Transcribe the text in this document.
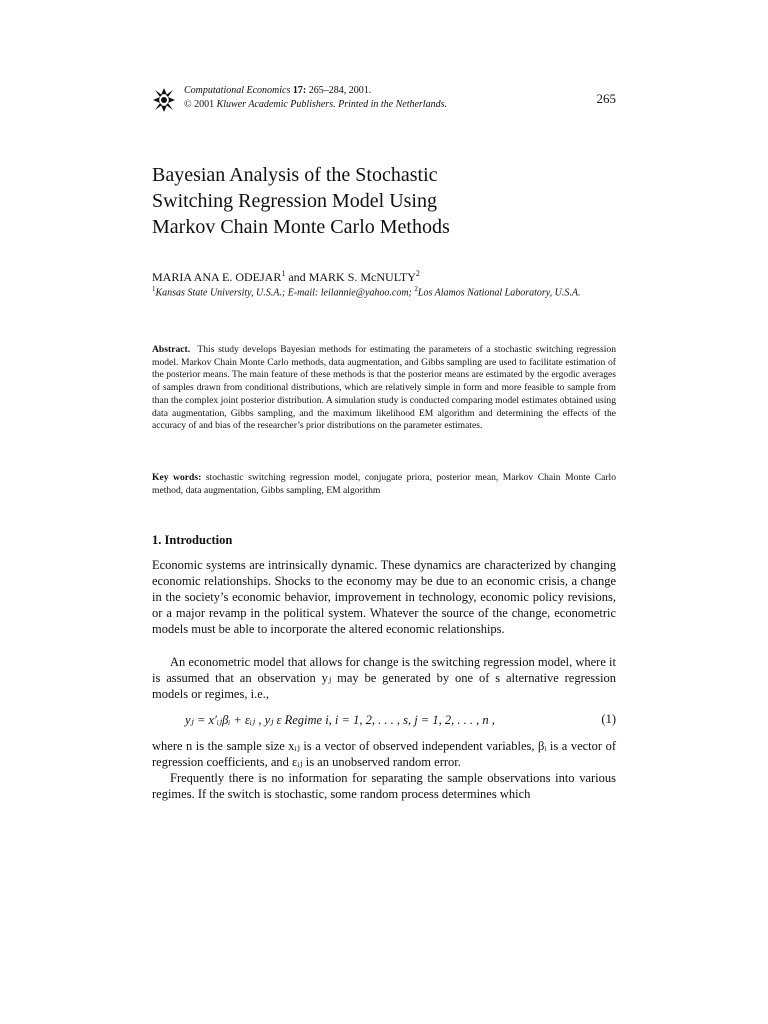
Computational Economics 17: 265–284, 2001.
© 2001 Kluwer Academic Publishers. Printed in the Netherlands.	265
Bayesian Analysis of the Stochastic
Switching Regression Model Using
Markov Chain Monte Carlo Methods
MARIA ANA E. ODEJAR$^1$ and MARK S. McNULTY$^2$
$^1$Kansas State University, U.S.A.; E-mail: leilannie@yahoo.com; $^2$Los Alamos National Laboratory, U.S.A.

Abstract. This study develops Bayesian methods for estimating the parameters of a stochastic switching regression model. Markov Chain Monte Carlo methods, data augmentation, and Gibbs sampling are used to facilitate estimation of the posterior means. The main feature of these methods is that the posterior means are estimated by the ergodic averages of samples drawn from conditional distributions, which are relatively simple in form and more feasible to sample from than the complex joint posterior distribution. A simulation study is conducted comparing model estimates obtained using data augmentation, Gibbs sampling, and the maximum likelihood EM algorithm and determining the effects of the accuracy of and bias of the researcher’s prior distributions on the parameter estimates.

Key words: stochastic switching regression model, conjugate priora, posterior mean, Markov Chain Monte Carlo method, data augmentation, Gibbs sampling, EM algorithm

1. Introduction

Economic systems are intrinsically dynamic. These dynamics are characterized by changing economic relationships. Shocks to the economy may be due to an economic crisis, a change in the society’s economic behavior, improvement in technology, economic policy revisions, or a major revamp in the political system. Whatever the source of the change, econometric models must be able to incorporate the altered economic relationships.

An econometric model that allows for change is the switching regression model, where it is assumed that an observation yⱼ may be generated by one of s alternative regression models or regimes, i.e.,

yⱼ = x′ᵢⱼβᵢ + εᵢⱼ , yⱼ ε Regime i, i = 1, 2, . . . , s, j = 1, 2, . . . , n ,	(1)

where n is the sample size xᵢⱼ is a vector of observed independent variables, βᵢ is a vector of regression coefficients, and εᵢⱼ is an unobserved random error.

Frequently there is no information for separating the sample observations into various regimes. If the switch is stochastic, some random process determines which
